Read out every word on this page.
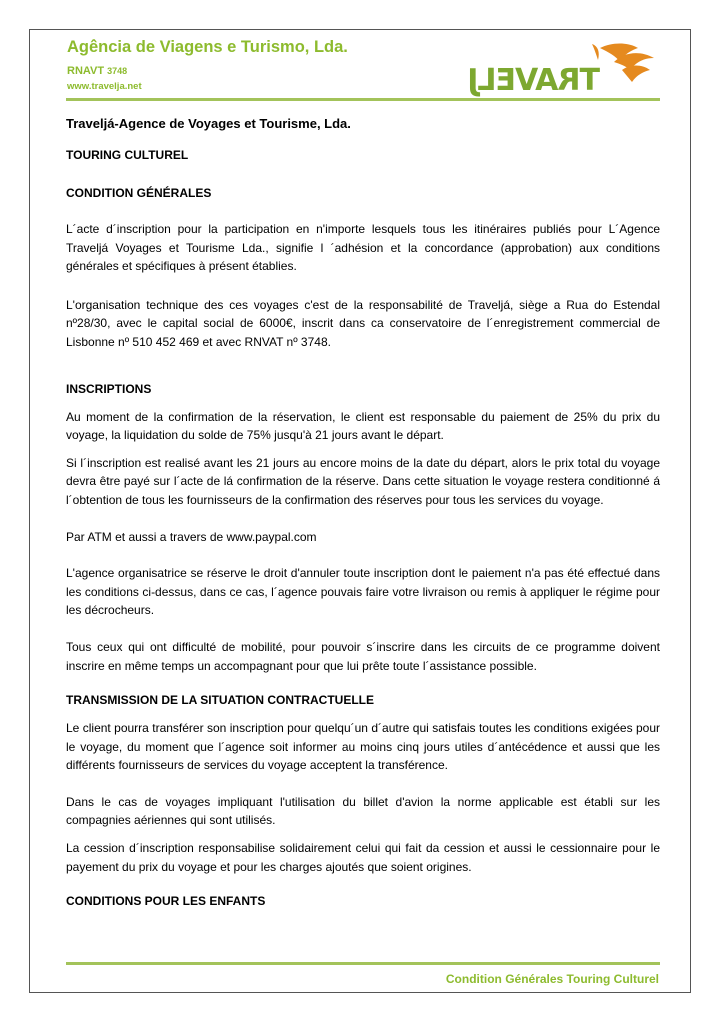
Agência de Viagens e Turismo, Lda.
RNAVT 3748
www.travelja.net	TRAVELJ
Traveljá-Agence de Voyages et Tourisme, Lda.
TOURING CULTUREL
CONDITION GÉNÉRALES

L´acte d´inscription pour la participation en n'importe lesquels tous les itinéraires publiés pour L´Agence Traveljá Voyages et Tourisme Lda., signifie l ´adhésion et la concordance (approbation) aux conditions générales et spécifiques à présent établies.

L'organisation technique des ces voyages c'est de la responsabilité de Traveljá, siège a Rua do Estendal nº28/30, avec le capital social de 6000€, inscrit dans ca conservatoire de l´enregistrement commercial de Lisbonne nº 510 452 469 et avec RNVAT nº 3748.

INSCRIPTIONS

Au moment de la confirmation de la réservation, le client est responsable du paiement de 25% du prix du voyage, la liquidation du solde de 75% jusqu'à 21 jours avant le départ.

Si l´inscription est realisé avant les 21 jours au encore moins de la date du départ, alors le prix total du voyage devra être payé sur l´acte de lá confirmation de la réserve. Dans cette situation le voyage restera conditionné á l´obtention de tous les fournisseurs de la confirmation des réserves pour tous les services du voyage.

Par ATM et aussi a travers de www.paypal.com

L'agence organisatrice se réserve le droit d'annuler toute inscription dont le paiement n'a pas été effectué dans les conditions ci-dessus, dans ce cas, l´agence pouvais faire votre livraison ou remis à appliquer le régime pour les décrocheurs.

Tous ceux qui ont difficulté de mobilité, pour pouvoir s´inscrire dans les circuits de ce programme doivent inscrire en même temps un accompagnant pour que lui prête toute l´assistance possible.

TRANSMISSION DE LA SITUATION CONTRACTUELLE

Le client pourra transférer son inscription pour quelqu´un d´autre qui satisfais toutes les conditions exigées pour le voyage, du moment que l´agence soit informer au moins cinq jours utiles d´antécédence et aussi que les différents fournisseurs de services du voyage acceptent la transférence.

Dans le cas de voyages impliquant l'utilisation du billet d'avion la norme applicable est établi sur les compagnies aériennes qui sont utilisés.

La cession d´inscription responsabilise solidairement celui qui fait da cession et aussi le cessionnaire pour le payement du prix du voyage et pour les charges ajoutés que soient origines.

CONDITIONS POUR LES ENFANTS
Condition Générales Touring Culturel
